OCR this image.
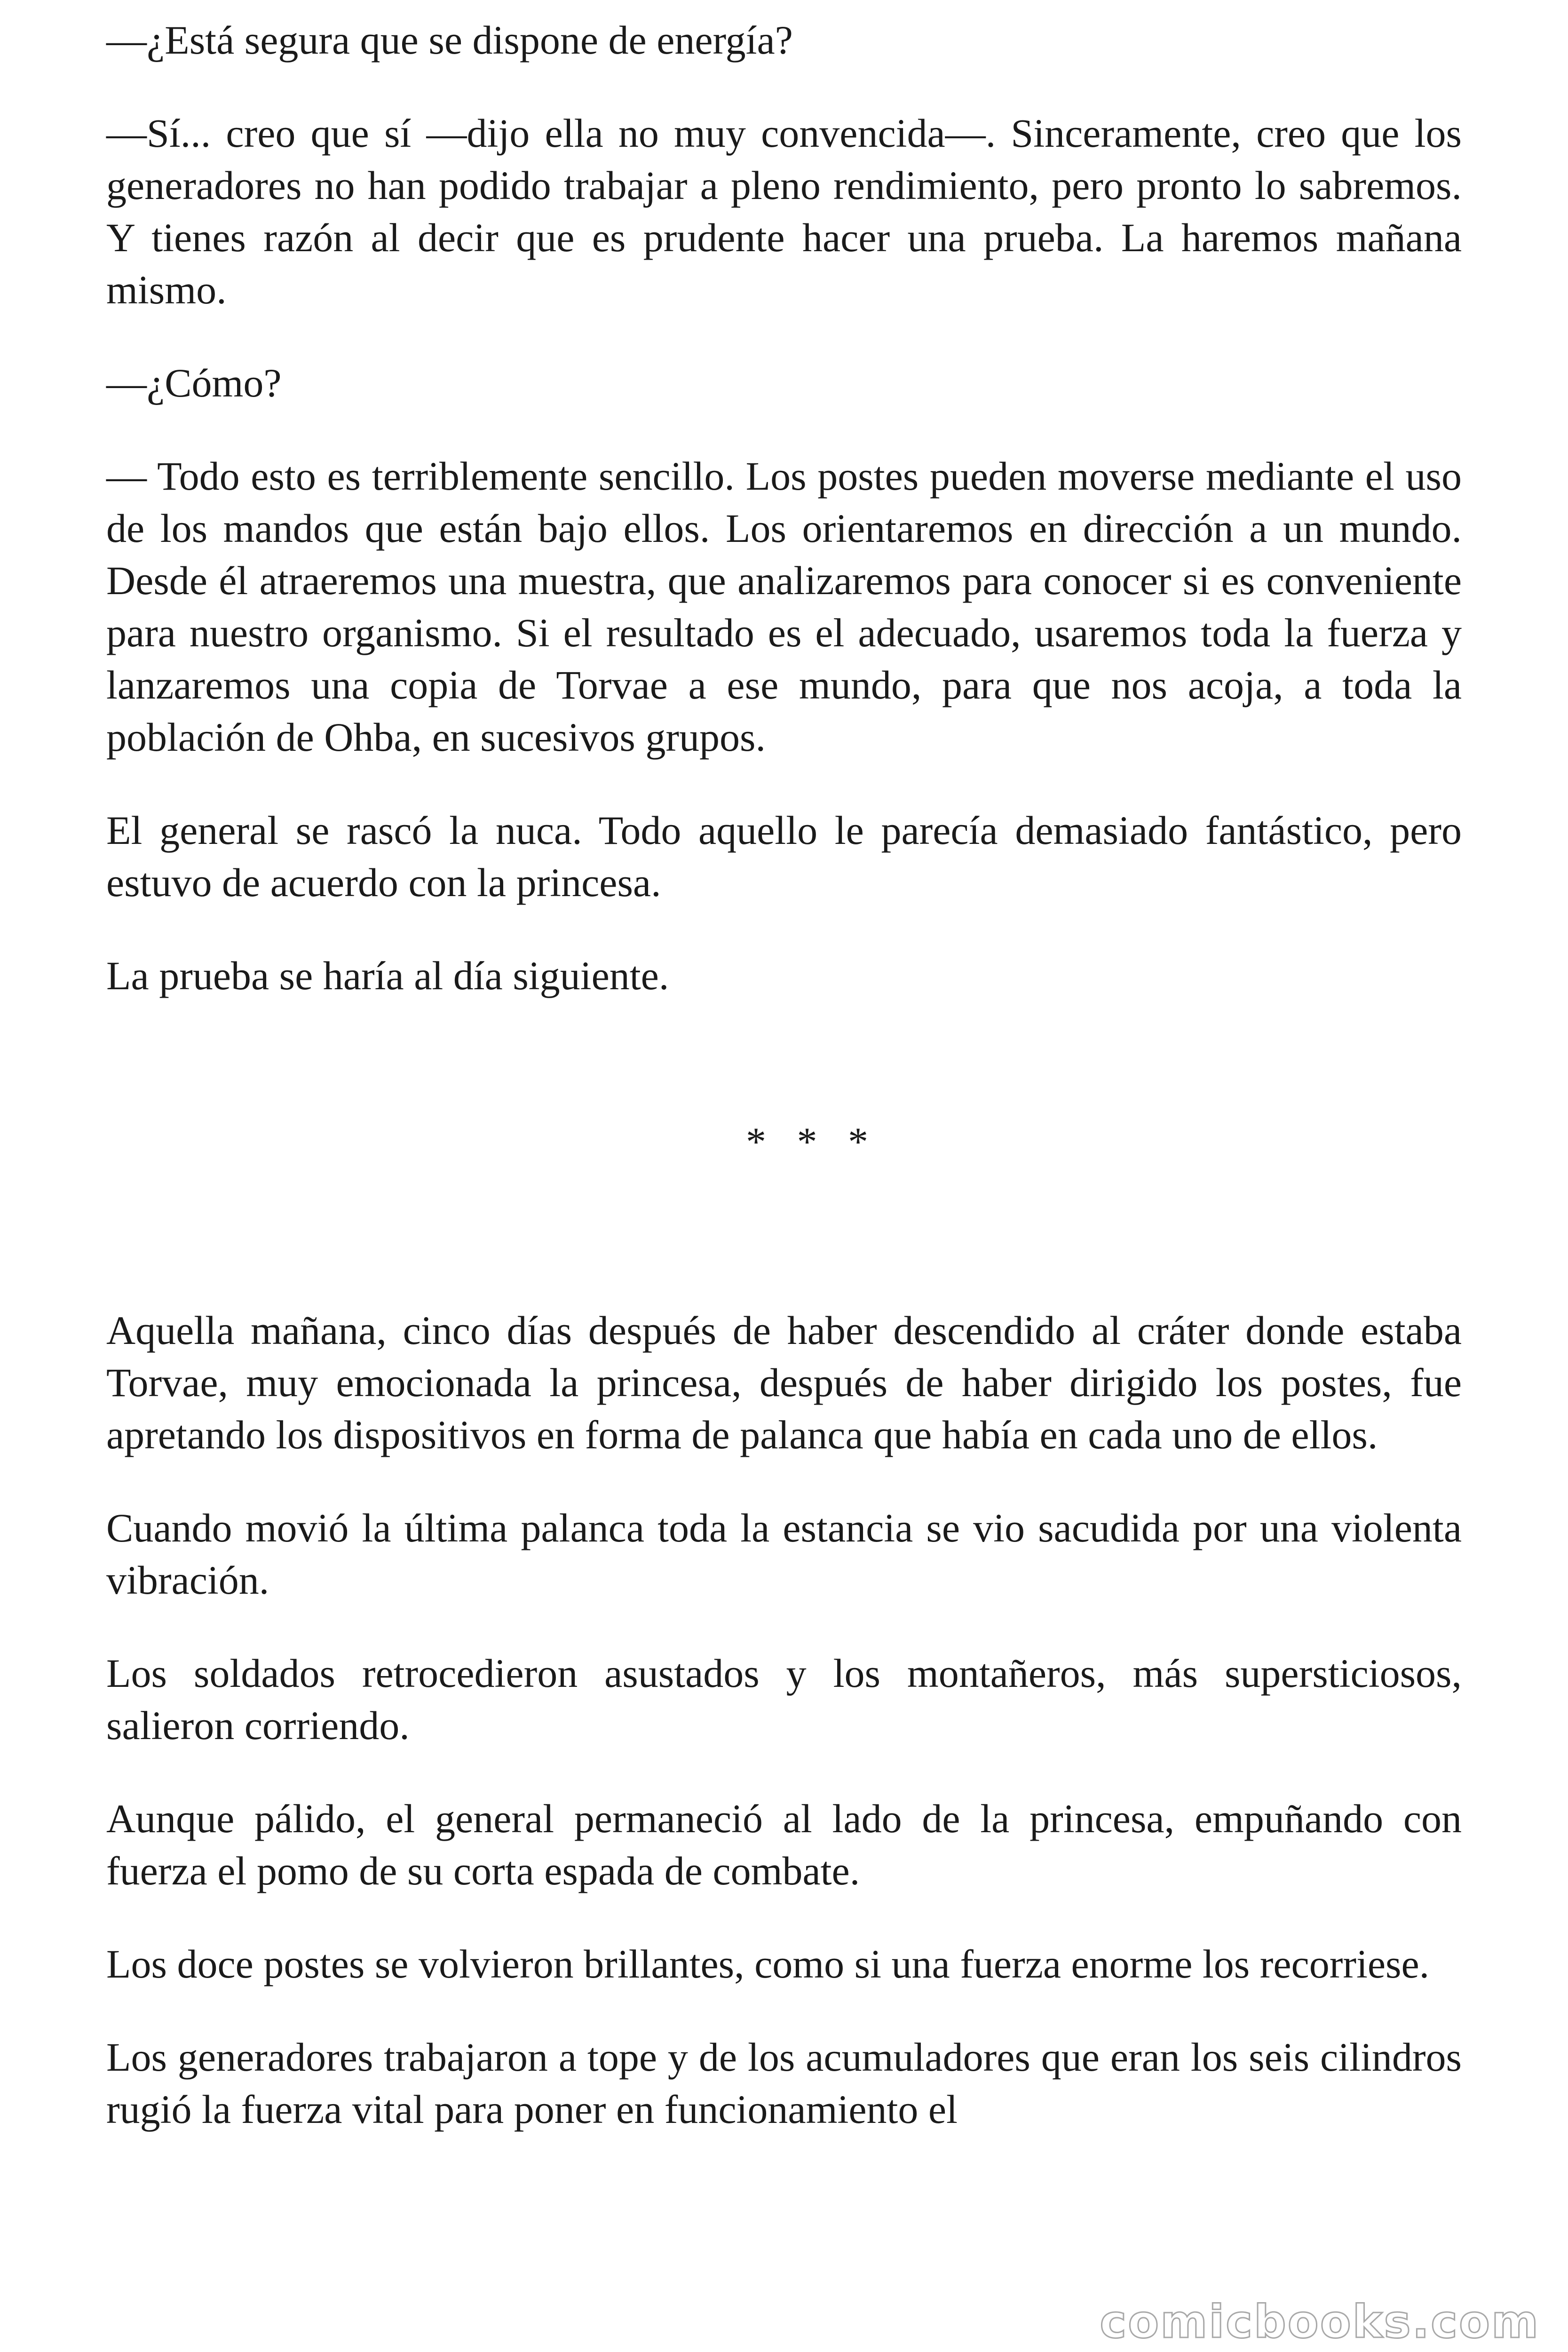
—¿Está segura que se dispone de energía?

—Sí... creo que sí —dijo ella no muy convencida—. Sinceramente, creo que los generadores no han podido trabajar a pleno rendimiento, pero pronto lo sabremos. Y tienes razón al decir que es prudente hacer una prueba. La haremos mañana mismo.

—¿Cómo?

— Todo esto es terriblemente sencillo. Los postes pueden moverse mediante el uso de los mandos que están bajo ellos. Los orientaremos en dirección a un mundo. Desde él atraeremos una muestra, que analizaremos para conocer si es conveniente para nuestro organismo. Si el resultado es el adecuado, usaremos toda la fuerza y lanzaremos una copia de Torvae a ese mundo, para que nos acoja, a toda la población de Ohba, en sucesivos grupos.

El general se rascó la nuca. Todo aquello le parecía demasiado fantástico, pero estuvo de acuerdo con la princesa.

La prueba se haría al día siguiente.

* * *

Aquella mañana, cinco días después de haber descendido al cráter donde estaba Torvae, muy emocionada la princesa, después de haber dirigido los postes, fue apretando los dispositivos en forma de palanca que había en cada uno de ellos.

Cuando movió la última palanca toda la estancia se vio sacudida por una violenta vibración.

Los soldados retrocedieron asustados y los montañeros, más supersticiosos, salieron corriendo.

Aunque pálido, el general permaneció al lado de la princesa, empuñando con fuerza el pomo de su corta espada de combate.

Los doce postes se volvieron brillantes, como si una fuerza enorme los recorriese.

Los generadores trabajaron a tope y de los acumuladores que eran los seis cilindros rugió la fuerza vital para poner en funcionamiento el

comicbooks.com
